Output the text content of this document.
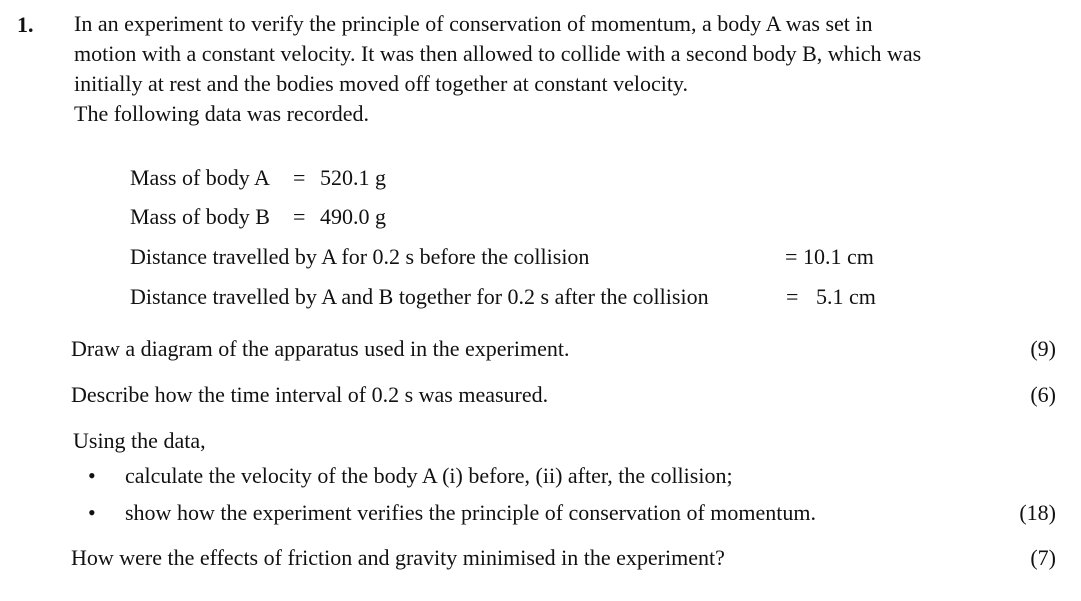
1. In an experiment to verify the principle of conservation of momentum, a body A was set in

motion with a constant velocity. It was then allowed to collide with a second body B, which was

initially at rest and the bodies moved off together at constant velocity.

The following data was recorded.

Mass of body A = 520.1 g
Mass of body B = 490.0 g
Distance travelled by A for 0.2 s before the collision	= 10.1 cm
Distance travelled by A and B together for 0.2 s after the collision	= 5.1 cm
Draw a diagram of the apparatus used in the experiment.	(9)
Describe how the time interval of 0.2 s was measured.	(6)
Using the data,
• calculate the velocity of the body A (i) before, (ii) after, the collision;
• show how the experiment verifies the principle of conservation of momentum.	(18)
How were the effects of friction and gravity minimised in the experiment?	(7)
